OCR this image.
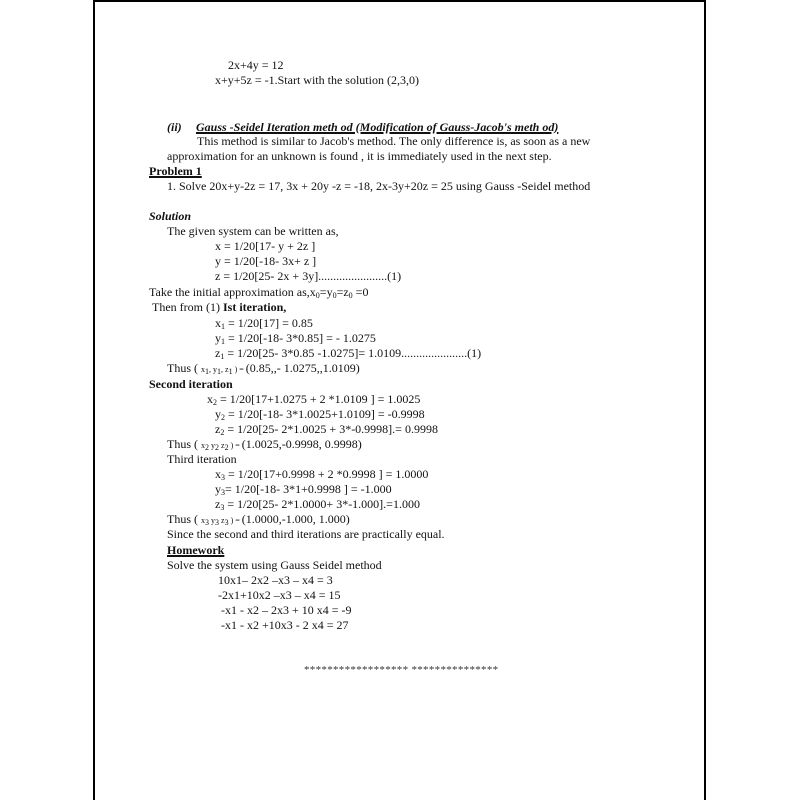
2x+4y = 12
x+y+5z = -1.Start with the solution (2,3,0)
(ii) Gauss -Seidel Iteration meth od (Modification of Gauss-Jacob's meth od)
This method is similar to Jacob's method. The only difference is, as soon as a new
approximation for an unknown is found , it is immediately used in the next step.
Problem 1
1. Solve 20x+y-2z = 17, 3x + 20y -z = -18, 2x-3y+20z = 25 using Gauss -Seidel method
Solution
The given system can be written as,
x = 1/20[17- y + 2z ]
y = 1/20[-18- 3x+ z ]
z = 1/20[25- 2x + 3y].......................(1)
Take the initial approximation $as,x_0=y_0=z_0 =0$
Then from (1) Ist iteration,
$x_1 = 1/20[17] = 0.85$
$y_1 = 1/20[-18-$ 3*0.85] = - 1.0275
$z_1 = 1/20[25-$ 3*0.85 -1.0275]= 1.0109......................(1)
Thus ( $x_1$, $y_1$, $z_1$ ) = (0.85,,- 1.0275,,1.0109)
Second iteration
$x_2 = 1/20[17+1.0275 + 2$ *1.0109 ] = 1.0025
$y_2 = 1/20[-18-$ 3*1.0025+1.0109] = -0.9998
$z_2 = 1/20[25-$ 2*1.0025 + 3*-0.9998].= 0.9998
Thus ( $x_2$ $y_2$ $z_2$ ) = (1.0025,-0.9998, 0.9998)
Third iteration
$x_3 = 1/20[17+0.9998 + 2$ *0.9998 ] = 1.0000
$y_3= 1/20[-18-$ 3*1+0.9998 ] = -1.000
$z_3 = 1/20[25-$ 2*1.0000+ 3*-1.000].=1.000
Thus ( $x_3$ $y_3$ $z_3$ ) = (1.0000,-1.000, 1.000)
Since the second and third iterations are practically equal.
Homework
Solve the system using Gauss Seidel method
10x1– 2x2 –x3 – x4 = 3
-2x1+10x2 –x3 – x4 = 15
-x1 - x2 – 2x3 + 10 x4 = -9
-x1 - x2 +10x3 - 2 x4 = 27
****************** ***************
